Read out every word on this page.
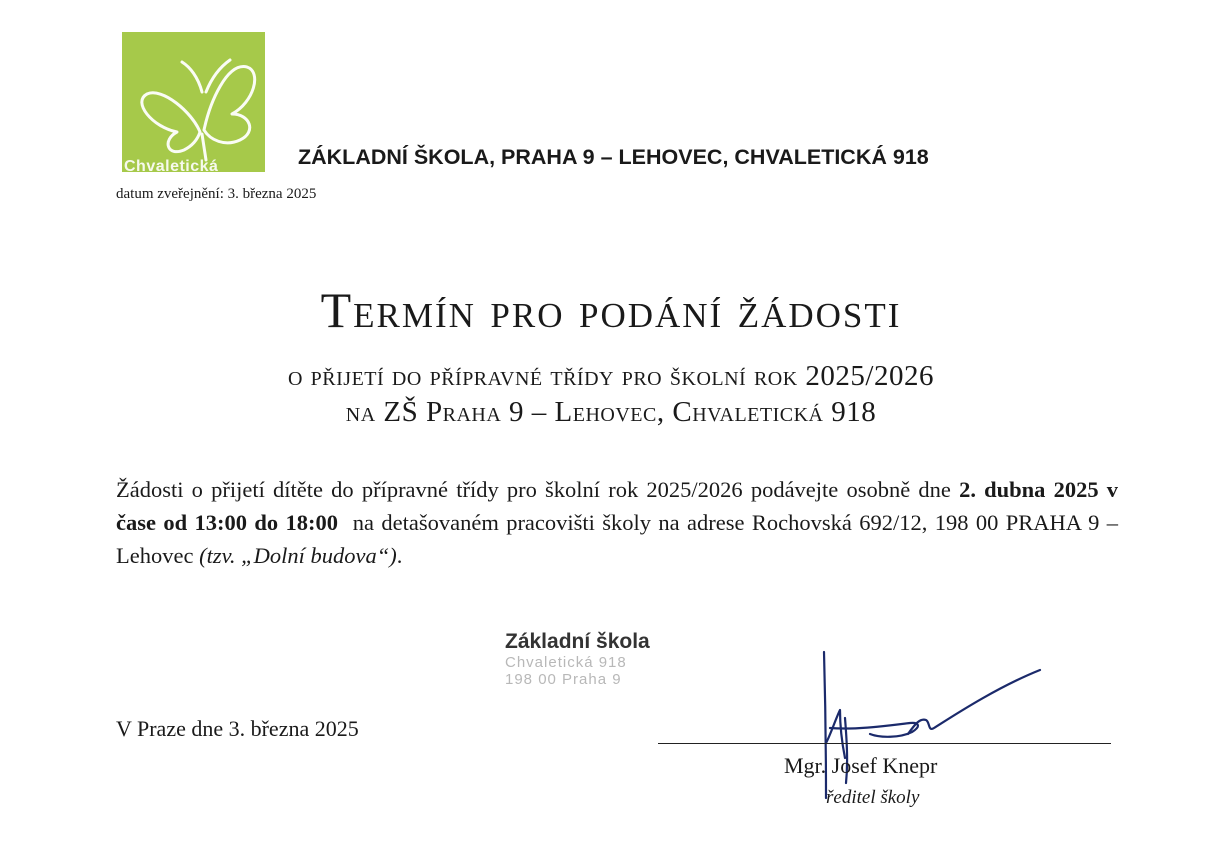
Chvaletická	ZÁKLADNÍ ŠKOLA, PRAHA 9 – LEHOVEC, CHVALETICKÁ 918
datum zveřejnění: 3. března 2025
Termín pro podání žádosti
o přijetí do přípravné třídy pro školní rok 2025/2026
na ZŠ Praha 9 – Lehovec, Chvaletická 918
Žádosti o přijetí dítěte do přípravné třídy pro školní rok 2025/2026 podávejte osobně dne 2. dubna 2025 v čase od 13:00 do 18:00 na detašovaném pracovišti školy na adrese Rochovská 692/12, 198 00 PRAHA 9 – Lehovec (tzv. „Dolní budova“).
Základní škola
Chvaletická 918
198 00 Praha 9
V Praze dne 3. března 2025
Mgr. Josef Knepr
ředitel školy
